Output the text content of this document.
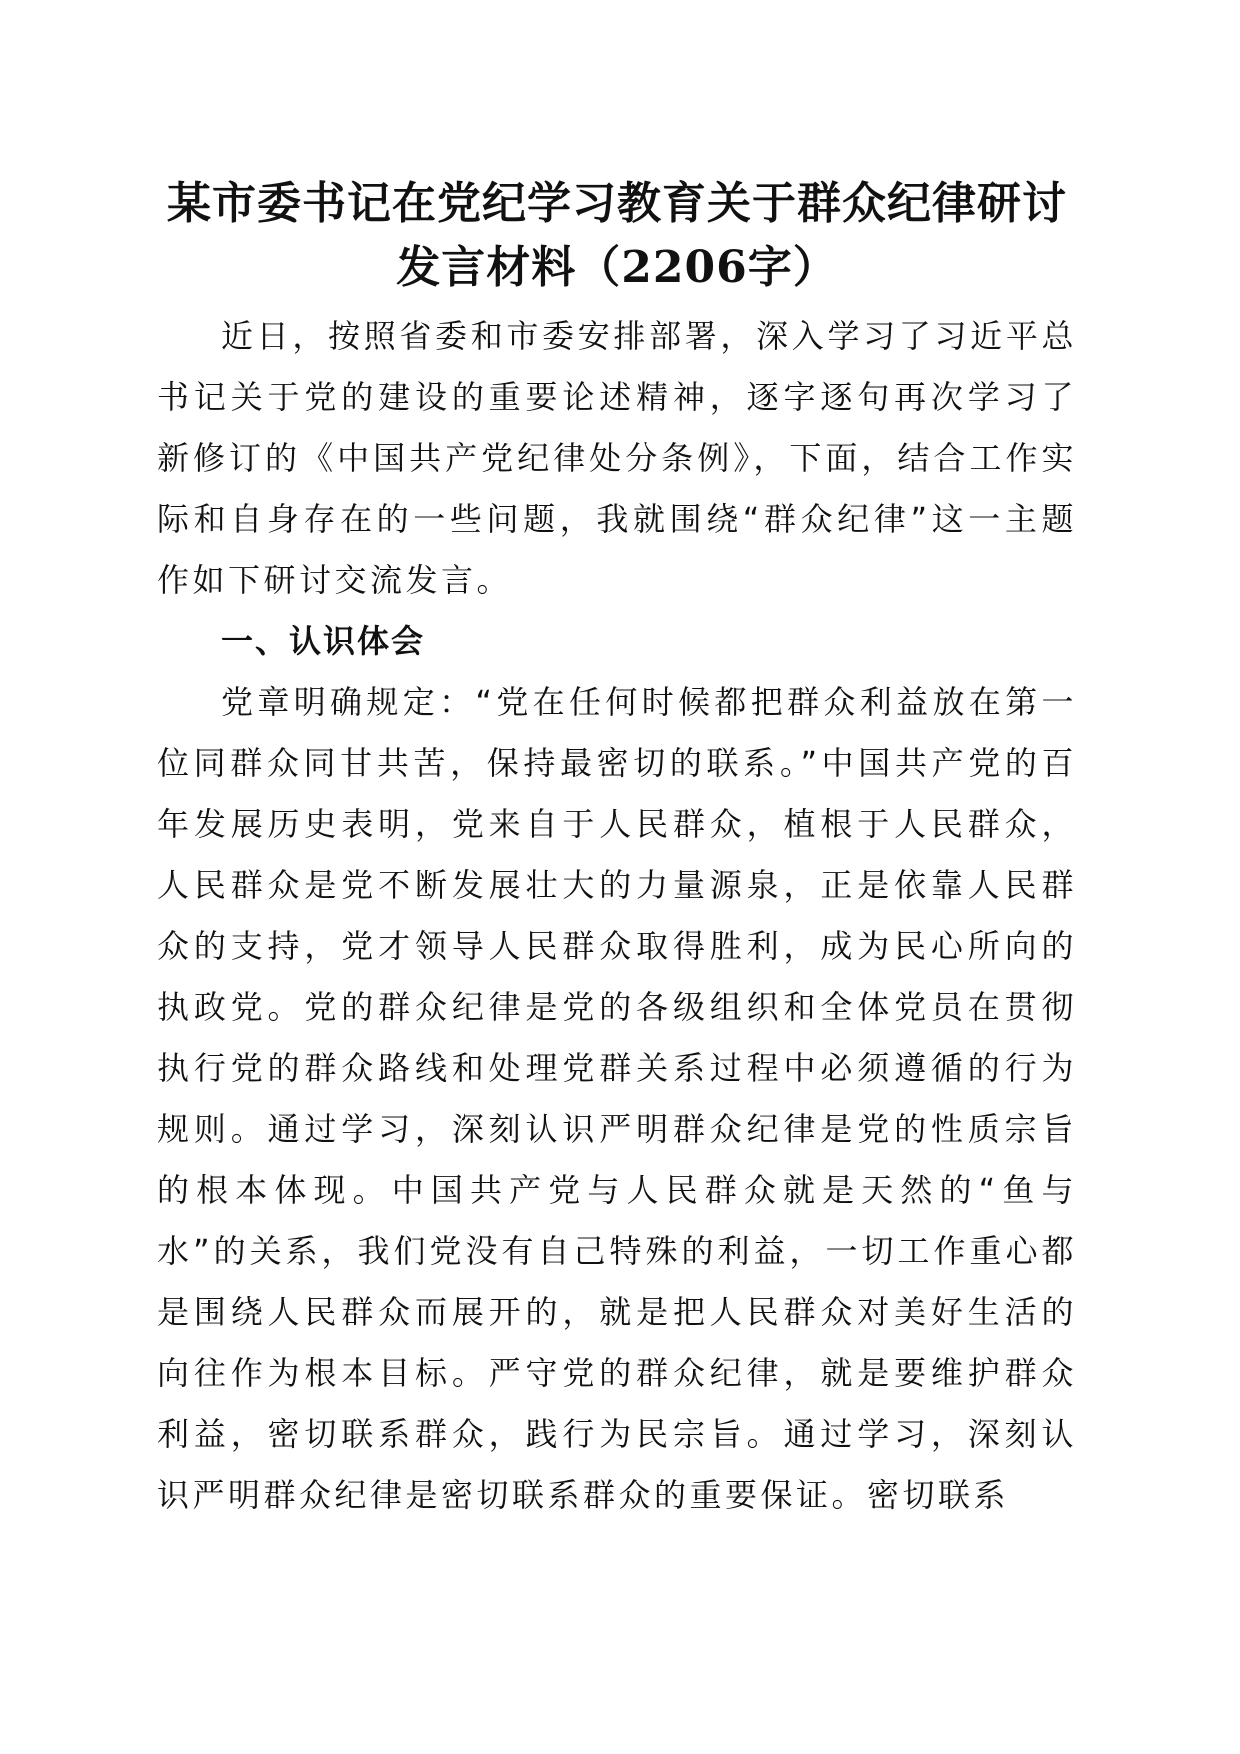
某市委书记在党纪学习教育关于群众纪律研讨
发言材料（2206字）

近日，按照省委和市委安排部署，深入学习了习近平总书记关于党的建设的重要论述精神，逐字逐句再次学习了新修订的《中国共产党纪律处分条例》，下面，结合工作实际和自身存在的一些问题，我就围绕“群众纪律”这一主题作如下研讨交流发言。

一、认识体会

党章明确规定：“党在任何时候都把群众利益放在第一位同群众同甘共苦，保持最密切的联系。”中国共产党的百年发展历史表明，党来自于人民群众，植根于人民群众，人民群众是党不断发展壮大的力量源泉，正是依靠人民群众的支持，党才领导人民群众取得胜利，成为民心所向的执政党。党的群众纪律是党的各级组织和全体党员在贯彻执行党的群众路线和处理党群关系过程中必须遵循的行为规则。通过学习，深刻认识严明群众纪律是党的性质宗旨的根本体现。中国共产党与人民群众就是天然的“鱼与水”的关系，我们党没有自己特殊的利益，一切工作重心都是围绕人民群众而展开的，就是把人民群众对美好生活的向往作为根本目标。严守党的群众纪律，就是要维护群众利益，密切联系群众，践行为民宗旨。通过学习，深刻认识严明群众纪律是密切联系群众的重要保证。密切联系
